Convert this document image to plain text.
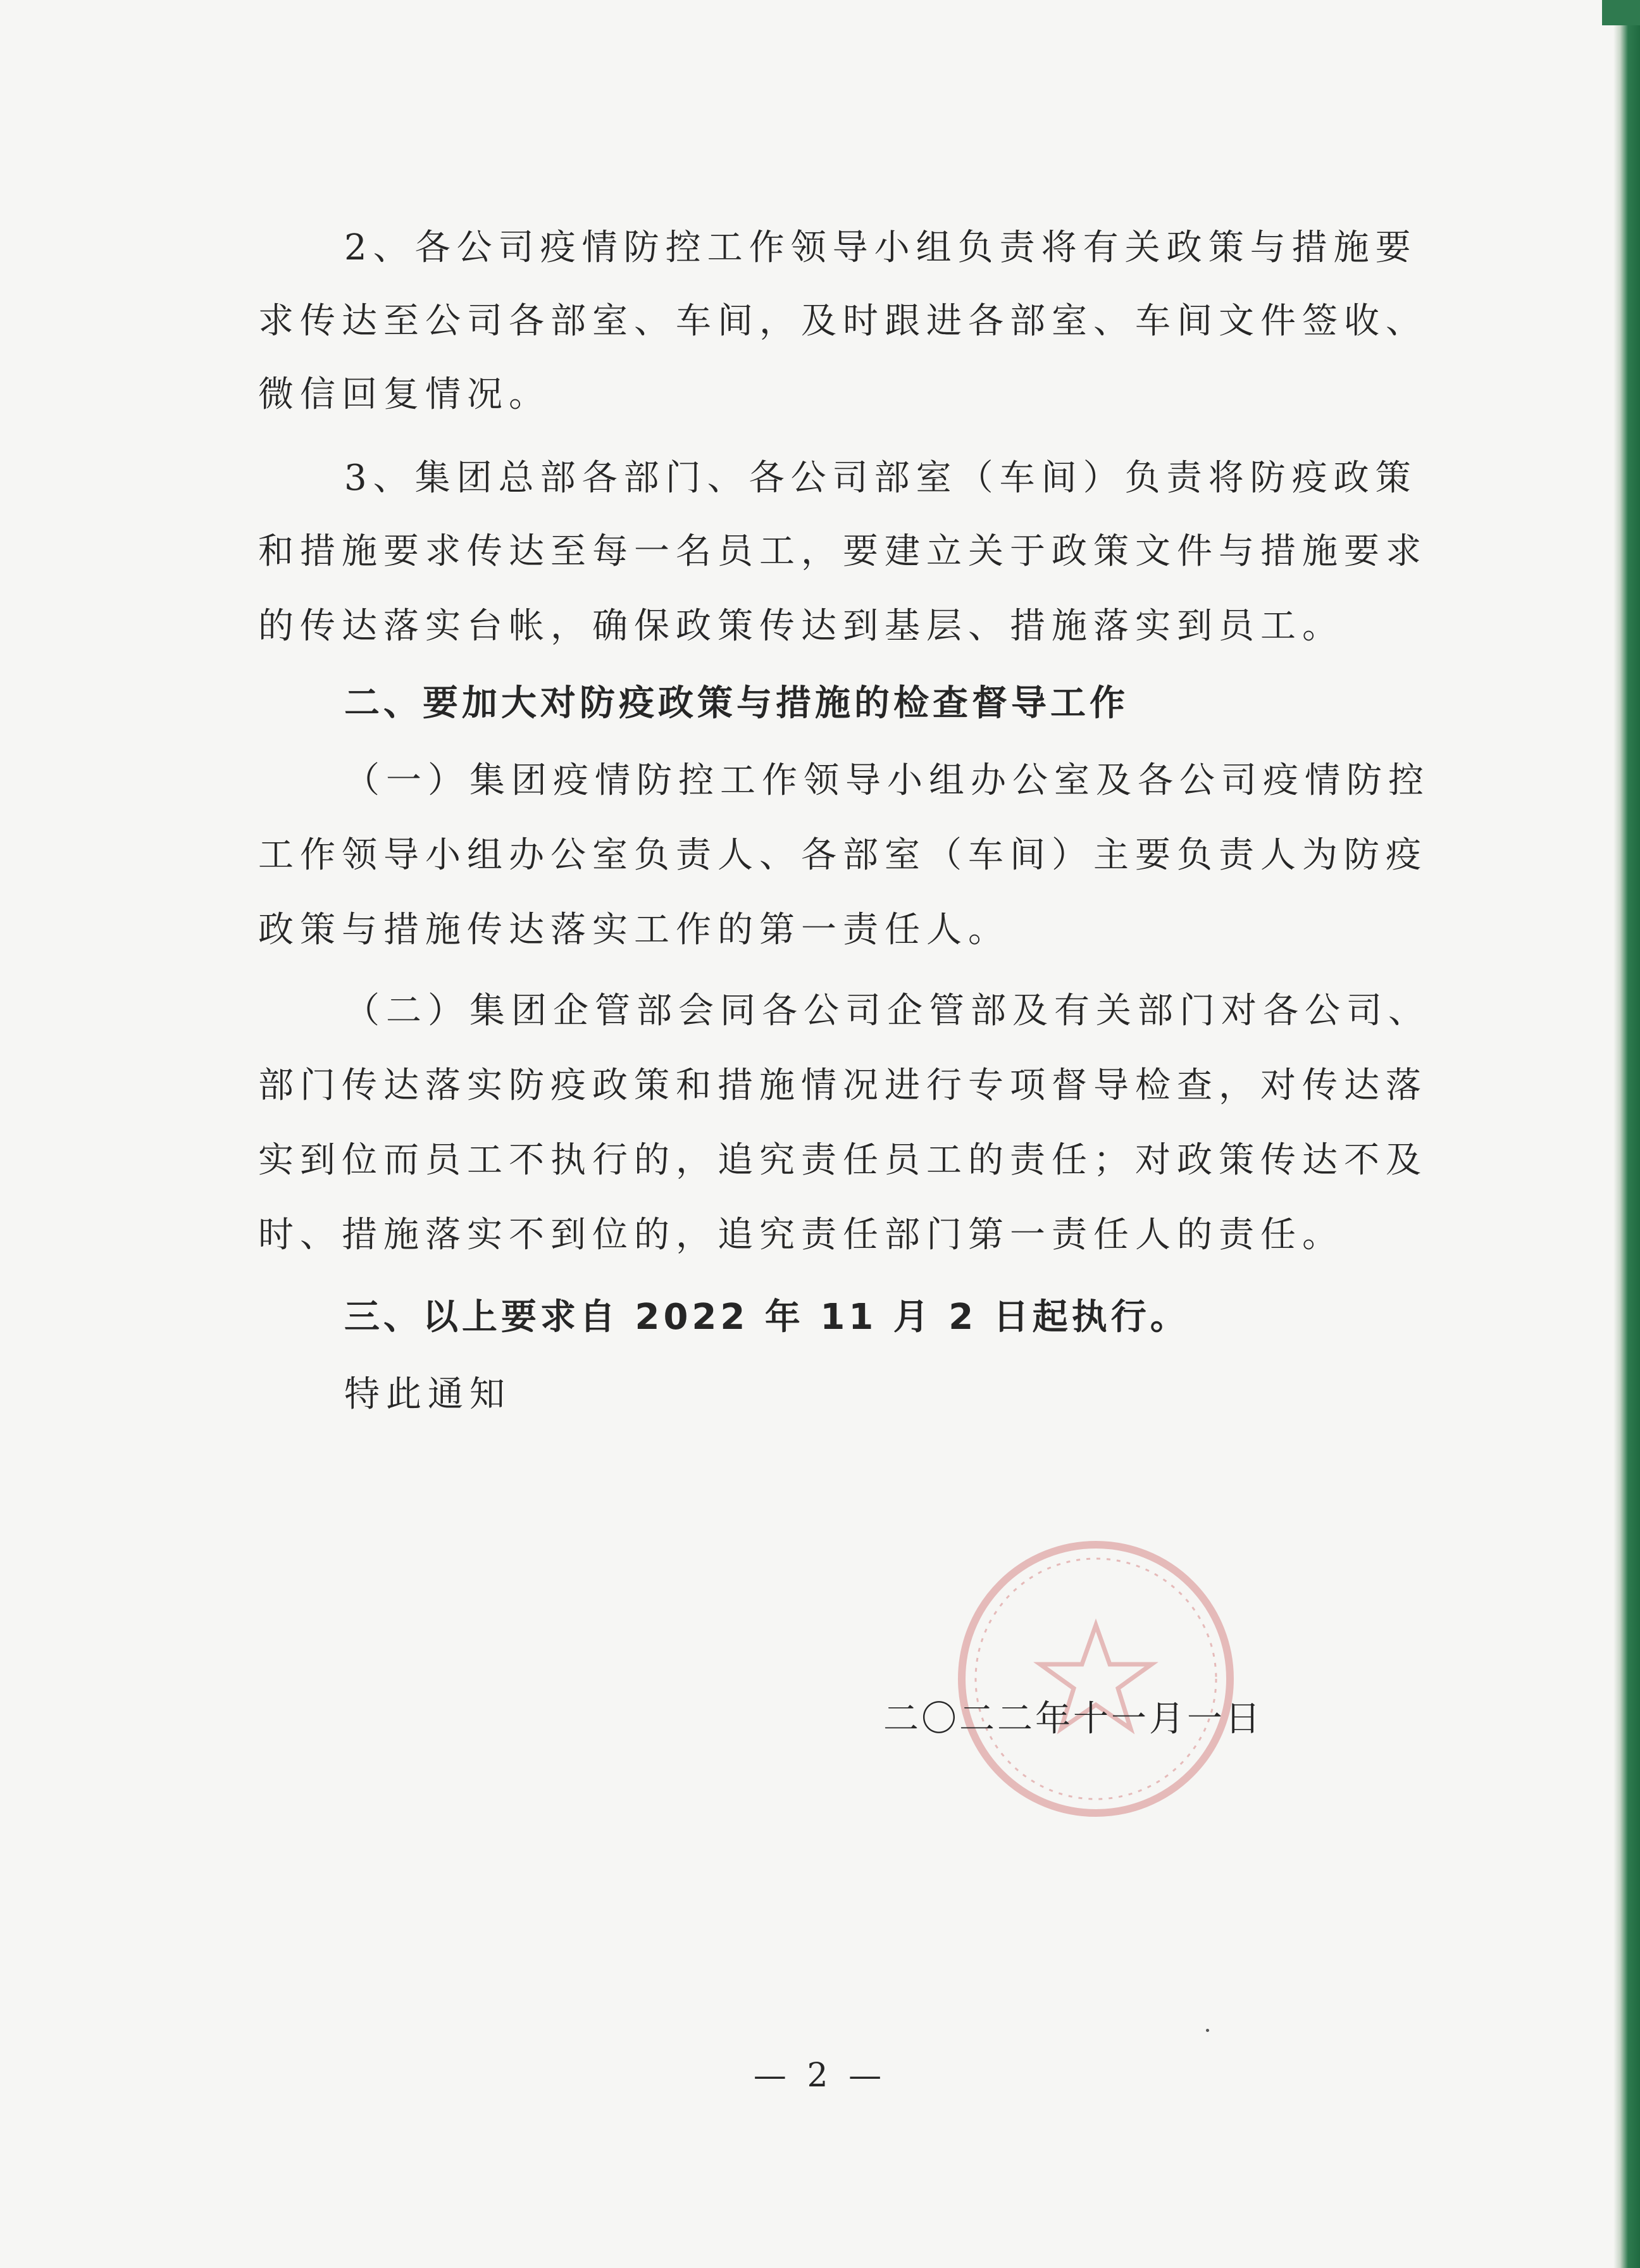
2、各公司疫情防控工作领导小组负责将有关政策与措施要
求传达至公司各部室、车间，及时跟进各部室、车间文件签收、
微信回复情况。
3、集团总部各部门、各公司部室（车间）负责将防疫政策
和措施要求传达至每一名员工，要建立关于政策文件与措施要求
的传达落实台帐，确保政策传达到基层、措施落实到员工。
二、要加大对防疫政策与措施的检查督导工作
（一）集团疫情防控工作领导小组办公室及各公司疫情防控
工作领导小组办公室负责人、各部室（车间）主要负责人为防疫
政策与措施传达落实工作的第一责任人。
（二）集团企管部会同各公司企管部及有关部门对各公司、
部门传达落实防疫政策和措施情况进行专项督导检查，对传达落
实到位而员工不执行的，追究责任员工的责任；对政策传达不及
时、措施落实不到位的，追究责任部门第一责任人的责任。
三、以上要求自 2022 年 11 月 2 日起执行。
特此通知
二〇二二年十一月一日
— 2 —
